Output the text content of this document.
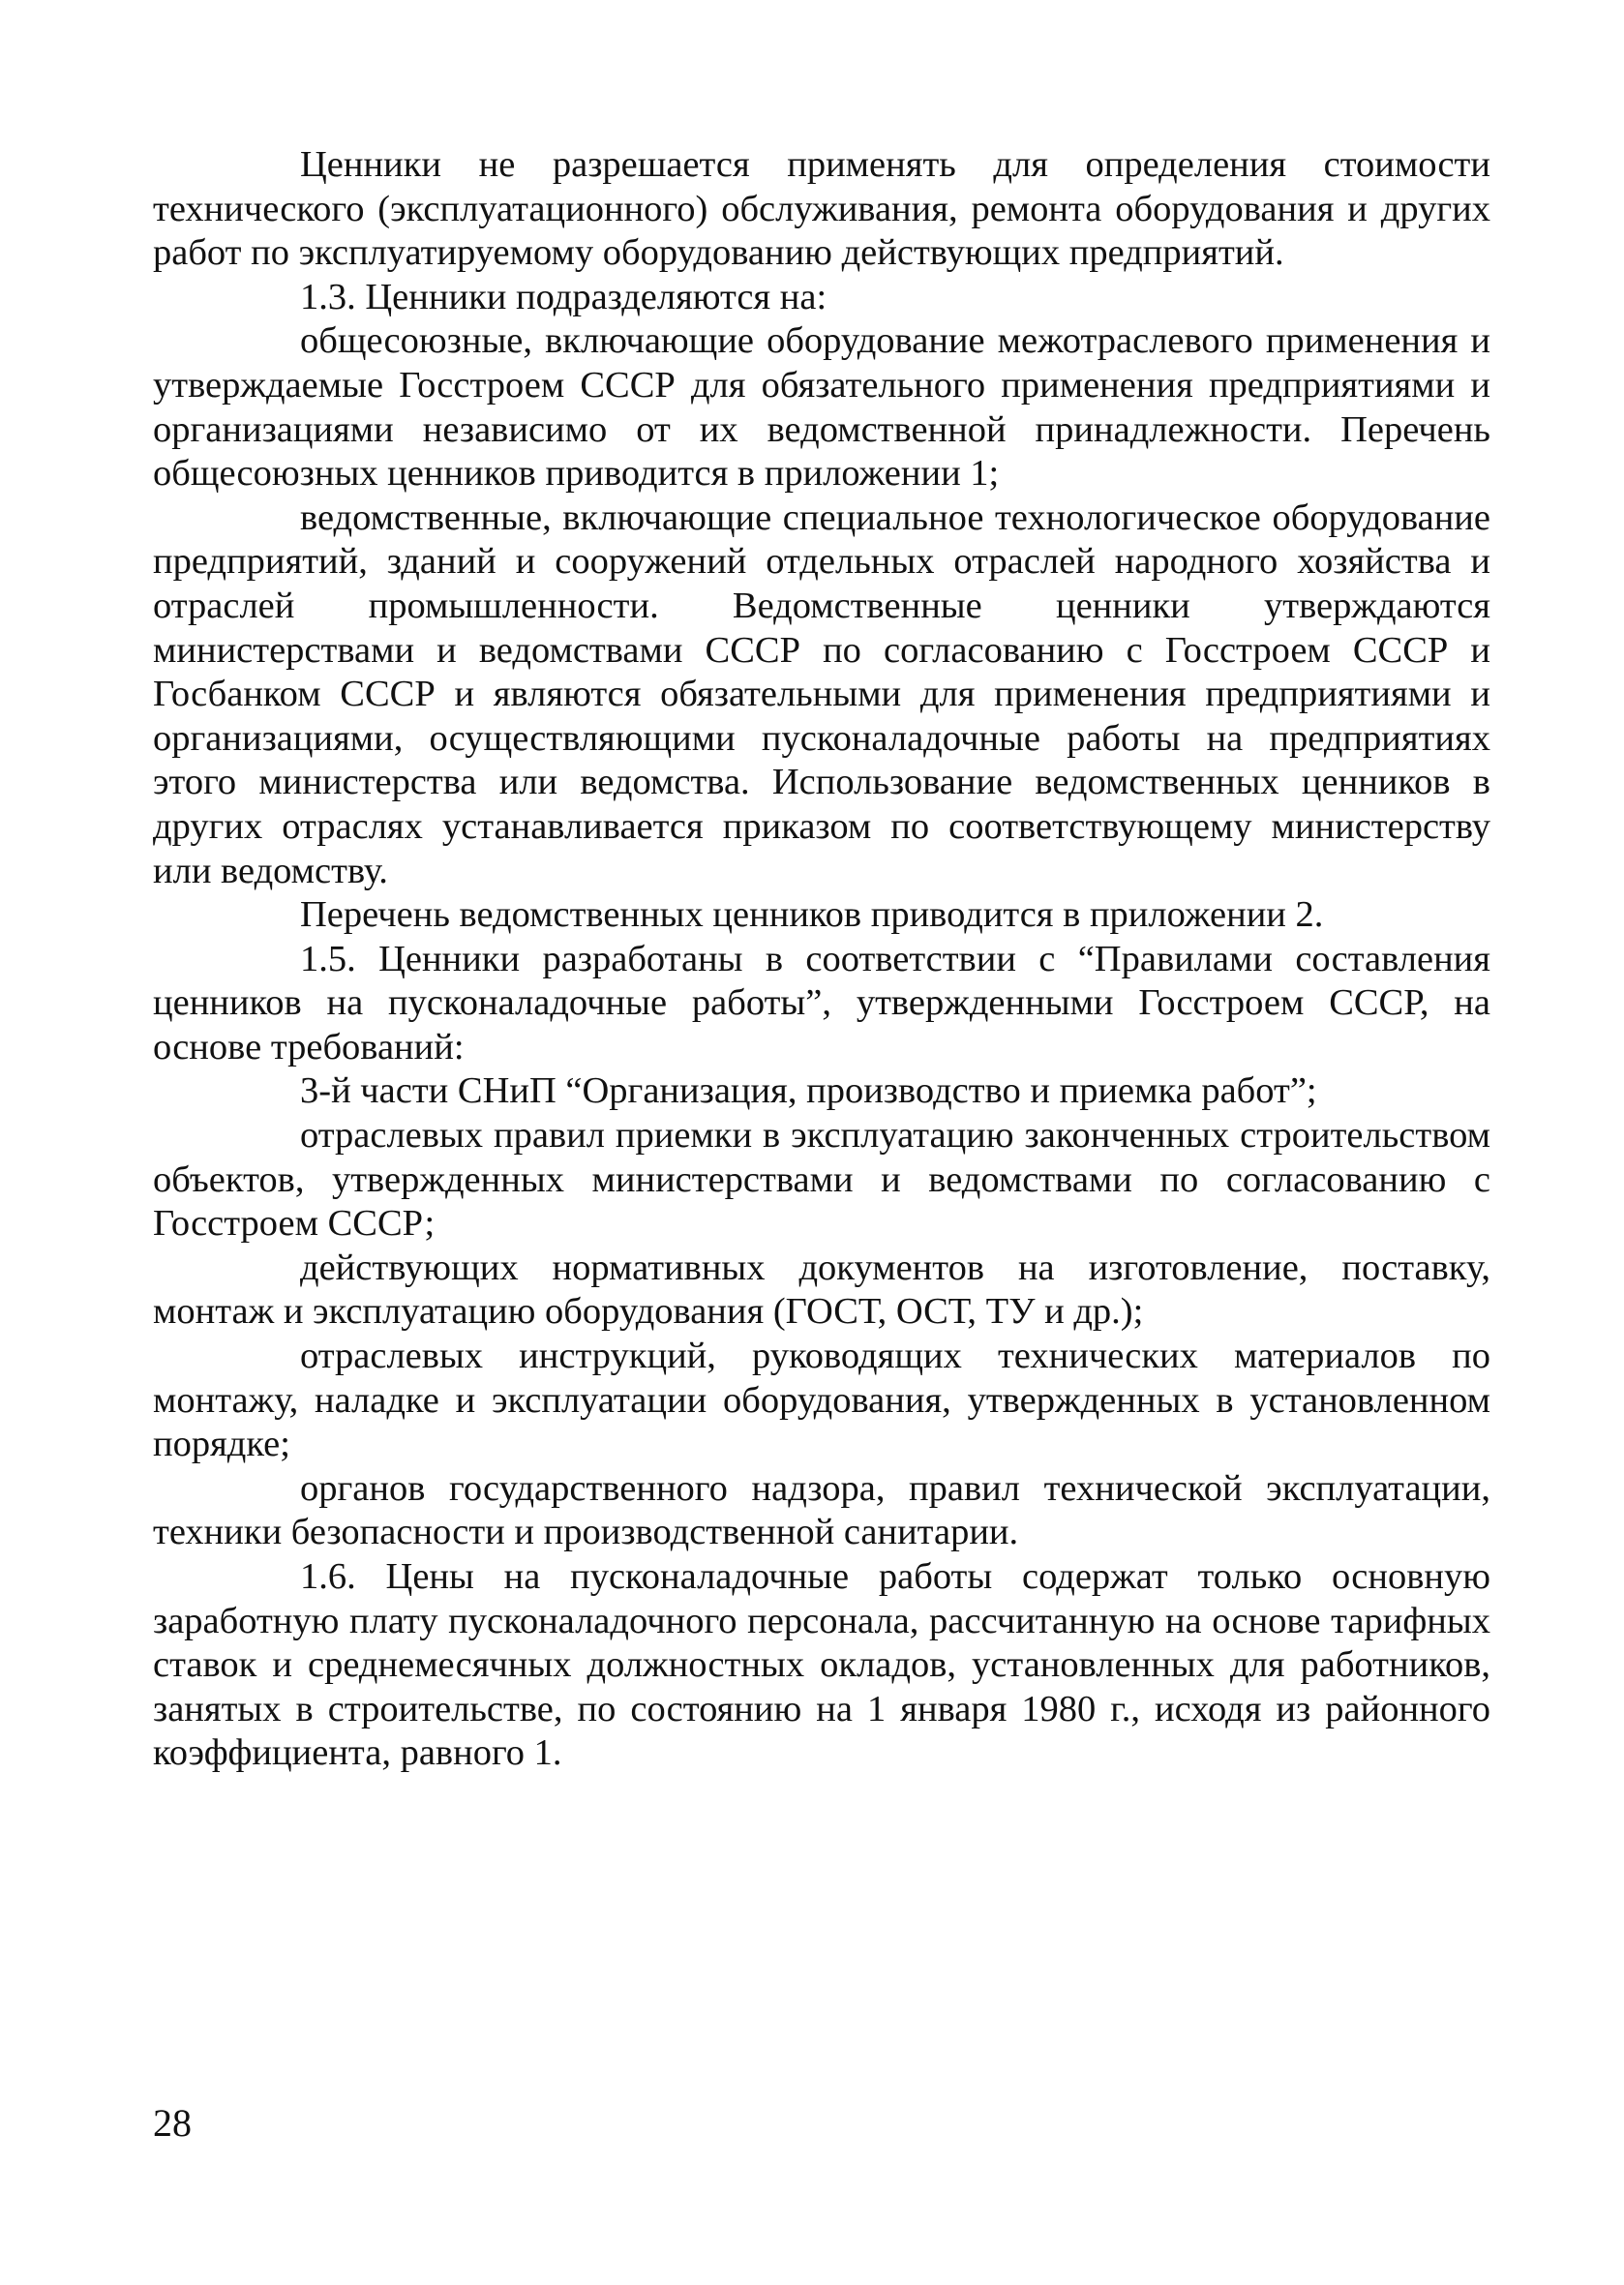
Ценники не разрешается применять для определения стоимости технического (эксплуатационного) обслуживания, ремонта оборудования и других работ по эксплуатируемому оборудованию действующих предприятий.

1.3. Ценники подразделяются на:

общесоюзные, включающие оборудование межотраслевого применения и утверждаемые Госстроем СССР для обязательного применения предприятиями и организациями независимо от их ведомственной принадлежности. Перечень общесоюзных ценников приводится в приложении 1;

ведомственные, включающие специальное технологическое оборудование предприятий, зданий и сооружений отдельных отраслей народного хозяйства и отраслей промышленности. Ведомственные ценники утверждаются министерствами и ведомствами СССР по согласованию с Госстроем СССР и Госбанком СССР и являются обязательными для применения предприятиями и организациями, осуществляющими пусконаладочные работы на предприятиях этого министерства или ведомства. Использование ведомственных ценников в других отраслях устанавливается приказом по соответствующему министерству или ведомству.

Перечень ведомственных ценников приводится в приложении 2.

1.5. Ценники разработаны в соответствии с “Правилами составления ценников на пусконаладочные работы”, утвержденными Госстроем СССР, на основе требований:

3-й части СНиП “Организация, производство и приемка работ”;

отраслевых правил приемки в эксплуатацию законченных строительством объектов, утвержденных министерствами и ведомствами по согласованию с Госстроем СССР;

действующих нормативных документов на изготовление, поставку, монтаж и эксплуатацию оборудования (ГОСТ, ОСТ, ТУ и др.);

отраслевых инструкций, руководящих технических материалов по монтажу, наладке и эксплуатации оборудования, утвержденных в установленном порядке;

органов государственного надзора, правил технической эксплуатации, техники безопасности и производственной санитарии.

1.6. Цены на пусконаладочные работы содержат только основную заработную плату пусконаладочного персонала, рассчитанную на основе тарифных ставок и среднемесячных должностных окладов, установленных для работников, занятых в строительстве, по состоянию на 1 января 1980 г., исходя из районного коэффициента, равного 1.

28
